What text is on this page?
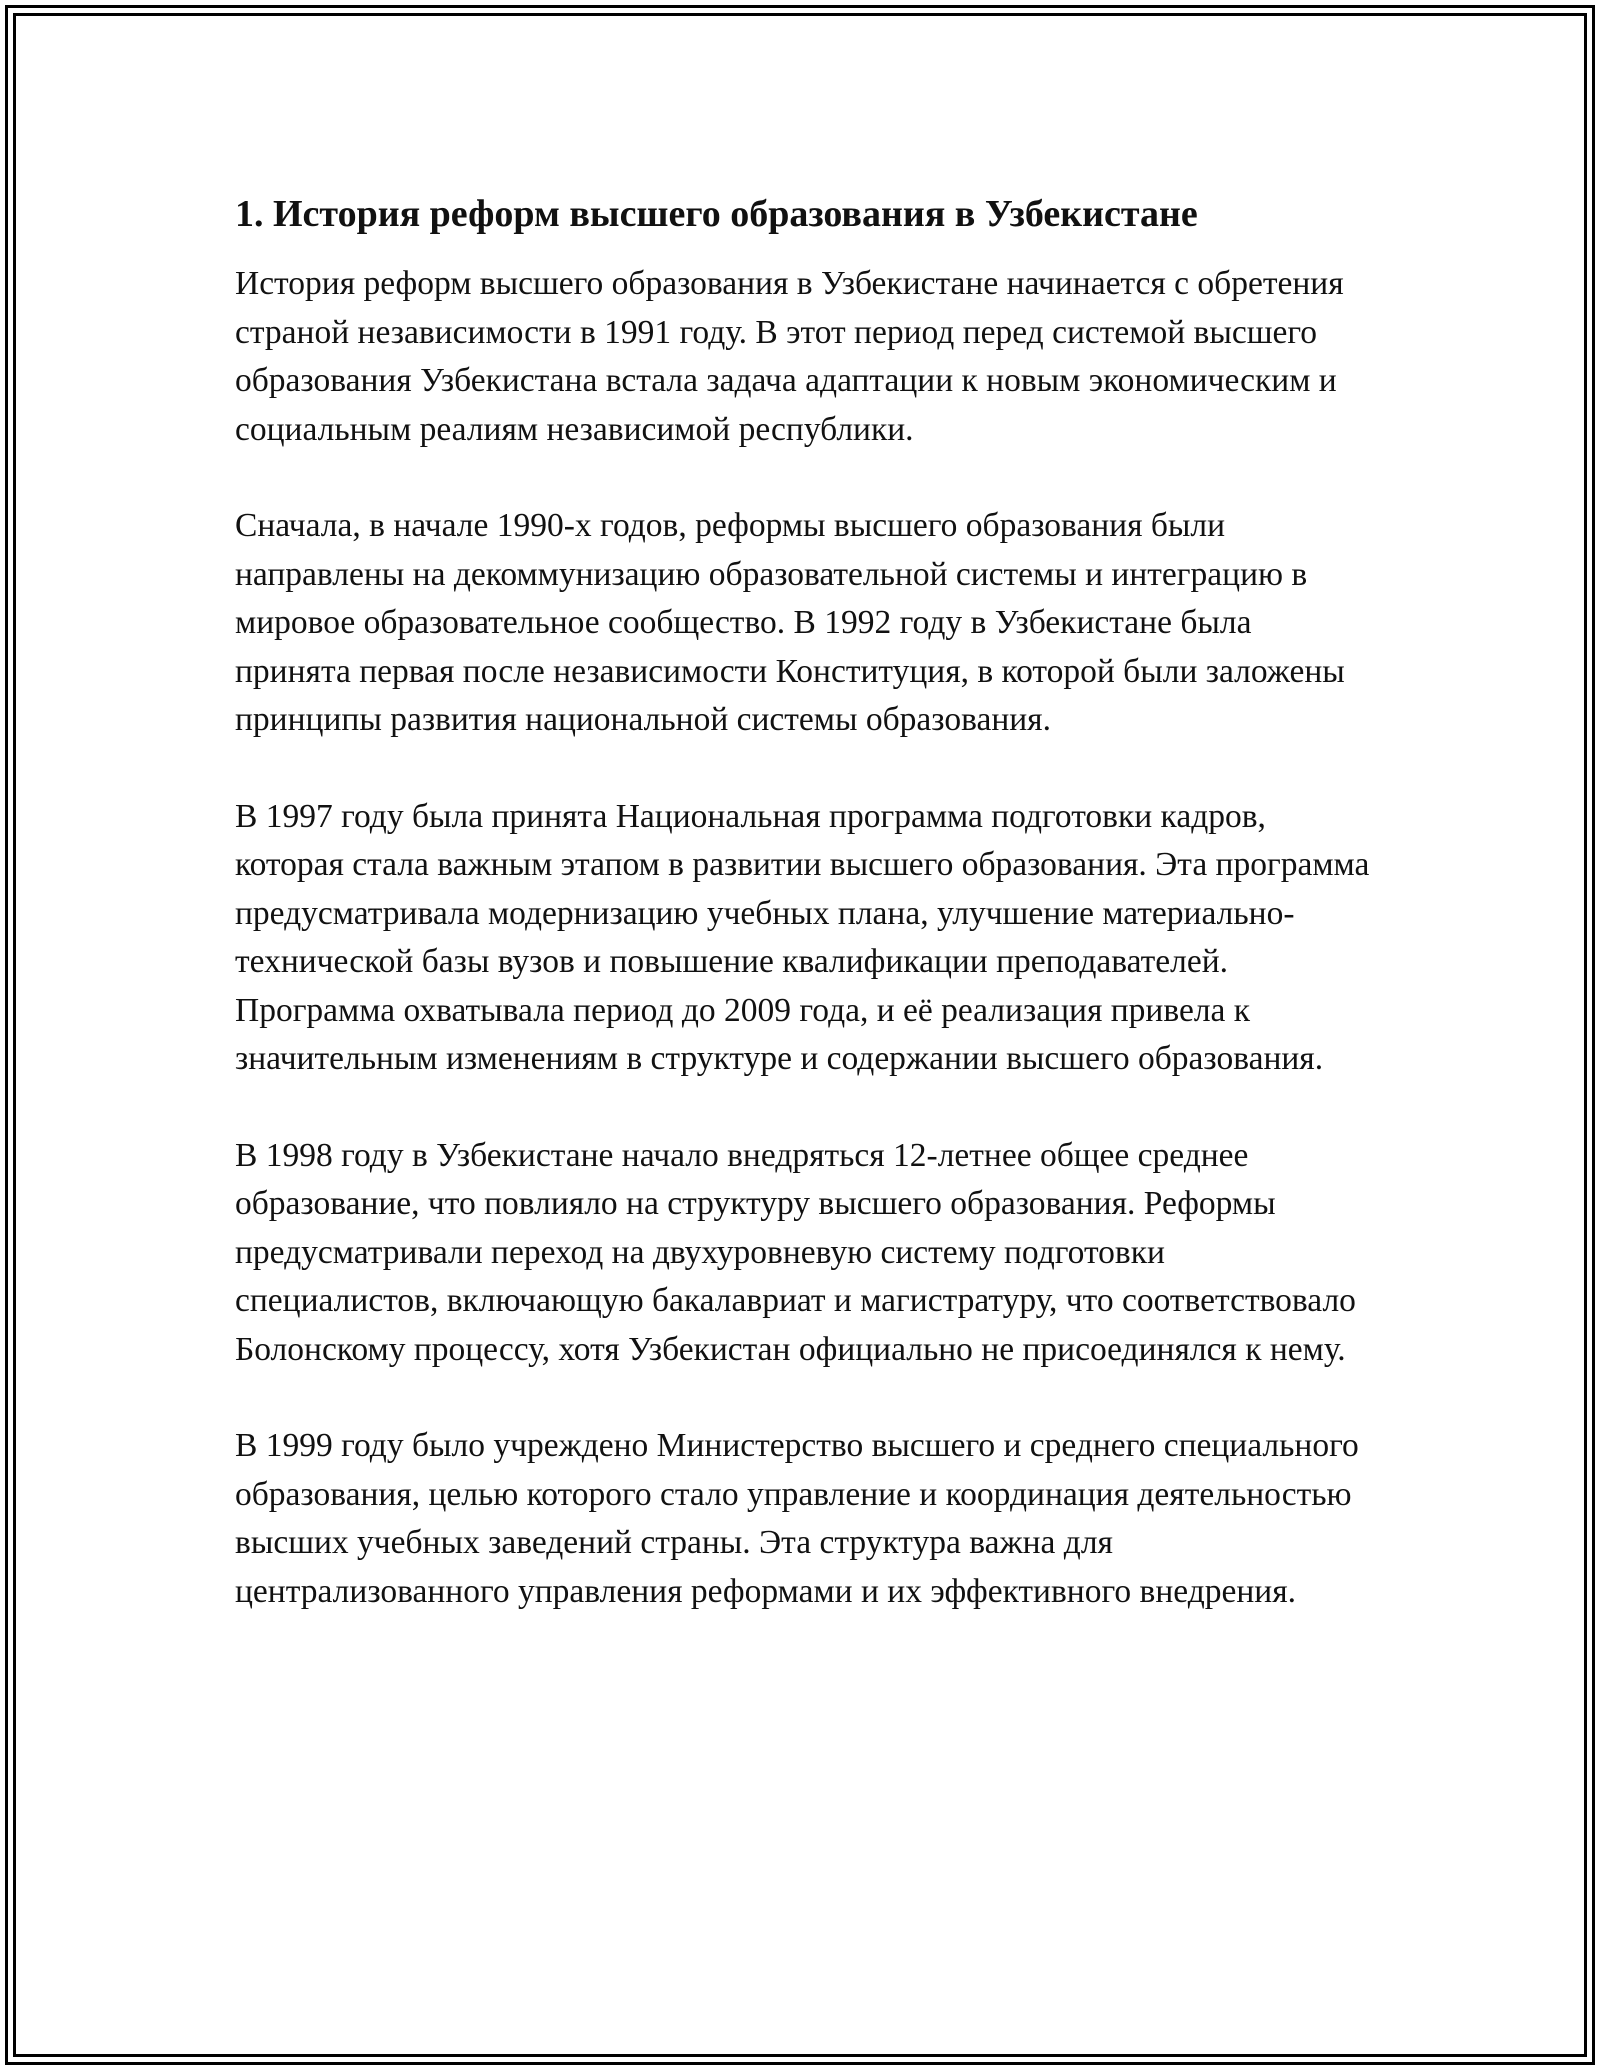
1. История реформ высшего образования в Узбекистане

История реформ высшего образования в Узбекистане начинается с обретения страной независимости в 1991 году. В этот период перед системой высшего образования Узбекистана встала задача адаптации к новым экономическим и социальным реалиям независимой республики.

Сначала, в начале 1990-х годов, реформы высшего образования были направлены на декоммунизацию образовательной системы и интеграцию в мировое образовательное сообщество. В 1992 году в Узбекистане была принята первая после независимости Конституция, в которой были заложены принципы развития национальной системы образования.

В 1997 году была принята Национальная программа подготовки кадров, которая стала важным этапом в развитии высшего образования. Эта программа предусматривала модернизацию учебных плана, улучшение материально-технической базы вузов и повышение квалификации преподавателей. Программа охватывала период до 2009 года, и её реализация привела к значительным изменениям в структуре и содержании высшего образования.

В 1998 году в Узбекистане начало внедряться 12-летнее общее среднее образование, что повлияло на структуру высшего образования. Реформы предусматривали переход на двухуровневую систему подготовки специалистов, включающую бакалавриат и магистратуру, что соответствовало Болонскому процессу, хотя Узбекистан официально не присоединялся к нему.

В 1999 году было учреждено Министерство высшего и среднего специального образования, целью которого стало управление и координация деятельностью высших учебных заведений страны. Эта структура важна для централизованного управления реформами и их эффективного внедрения.
